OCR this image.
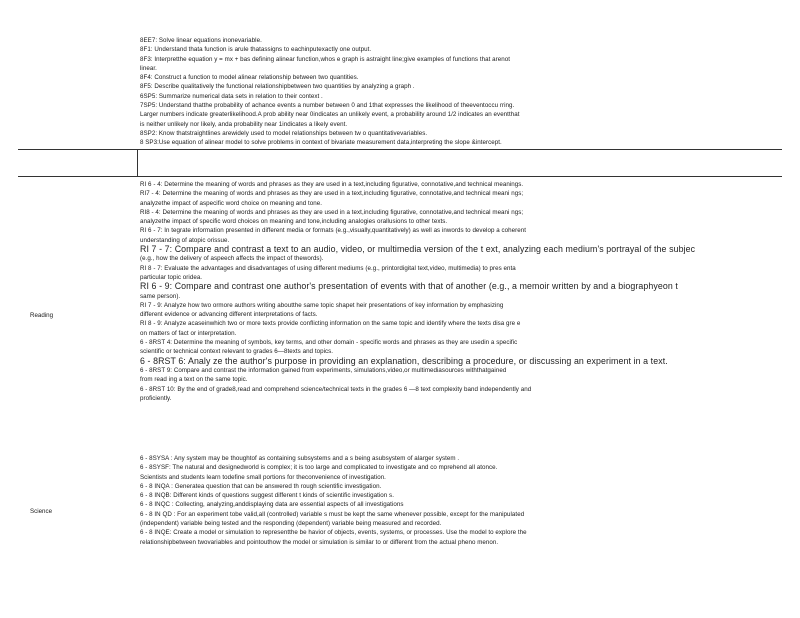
8EE7: Solve linear equations inonevariable.
8F1: Understand thata function is arule thatassigns to eachinputexactly one output.
8F3: Interpretthe equation y = mx + bas defining alinear function,whos e graph is astraight line;give examples of functions that arenot
linear.
8F4: Construct a function to model alinear relationship between two quantities.
8F5: Describe qualitatively the functional relationshipbetween two quantities by analyzing a graph .
6SP5: Summarize numerical data sets in relation to their context .
7SP5: Understand thatthe probability of achance events a number between 0 and 1that expresses the likelihood of theeventoccu rring.
Larger numbers indicate greaterlikelihood.A prob ability near 0indicates an unlikely event, a probability around 1/2 indicates an eventthat
is neither unlikely nor likely, anda probability near 1indicates a likely event.
8SP2: Know thatstraightlines arewidely used to model relationships between tw o quantitativevariables.
8 SP3:Use equation of alinear model to solve problems in context of bivariate measurement data,interpreting the slope &intercept.
Reading
RI 6 - 4: Determine the meaning of words and phrases as they are used in a text,including figurative, connotative,and technical meanings.
RI7 - 4: Determine the meaning of words and phrases as they are used in a text,including figurative, connotative,and technical meani ngs;
analyzethe impact of aspecific word choice on meaning and tone.
RI8 - 4: Determine the meaning of words and phrases as they are used in a text,including figurative, connotative,and technical meani ngs;
analyzethe impact of specific word choices on meaning and tone,including analogies orallusions to other texts.
RI 6 - 7: In tegrate information presented in different media or formats (e.g.,visually,quantitatively) as well as inwords to develop a coherent
understanding of atopic orissue.
RI 7 - 7: Compare and contrast a text to an audio, video, or multimedia version of the t ext, analyzing each medium's portrayal of the subjec
(e.g., how the delivery of aspeech affects the impact of thewords).
RI 8 - 7: Evaluate the advantages and disadvantages of using different mediums (e.g., printordigital text,video, multimedia) to pres enta
particular topic oridea.
RI 6 - 9: Compare and contrast one author's presentation of events with that of another (e.g., a memoir written by and a biographyeon t
same person).
RI 7 - 9: Analyze how two ormore authors writing aboutthe same topic shapet heir presentations of key information by emphasizing
different evidence or advancing different interpretations of facts.
RI 8 - 9: Analyze acaseinwhich two or more texts provide conflicting information on the same topic and identify where the texts disa gre e
on matters of fact or interpretation.
6 - 8RST 4: Determine the meaning of symbols, key terms, and other domain - specific words and phrases as they are usedin a specific
scientific or technical context relevant to grades 6—8texts and topics.
6 - 8RST 6: Analy ze the author's purpose in providing an explanation, describing a procedure, or discussing an experiment in a text.
6 - 8RST 9: Compare and contrast the information gained from experiments, simulations,video,or multimediasources withthatgained
from read ing a text on the same topic.
6 - 8RST 10: By the end of grade8,read and comprehend science/technical texts in the grades 6 —8 text complexity band independently and
proficiently.
Science
6 - 8SYSA : Any system may be thoughtof as containing subsystems and a s being asubsystem of alarger system .
6 - 8SYSF: The natural and designedworld is complex; it is too large and complicated to investigate and co mprehend all atonce.
Scientists and students learn todefine small portions for theconvenience of investigation.
6 - 8 INQA : Generatea question that can be answered th rough scientific investigation.
6 - 8 INQB: Different kinds of questions suggest different t kinds of scientific investigation s.
6 - 8 INQC : Collecting, analyzing,anddisplaying data are essential aspects of all investigations
6 - 8 IN QD : For an experiment tobe valid,all (controlled) variable s must be kept the same whenever possible, except for the manipulated
(independent) variable being tested and the responding (dependent) variable being measured and recorded.
6 - 8 INQE: Create a model or simulation to representthe be havior of objects, events, systems, or processes. Use the model to explore the
relationshipbetween twovariables and pointouthow the model or simulation is similar to or different from the actual pheno menon.
